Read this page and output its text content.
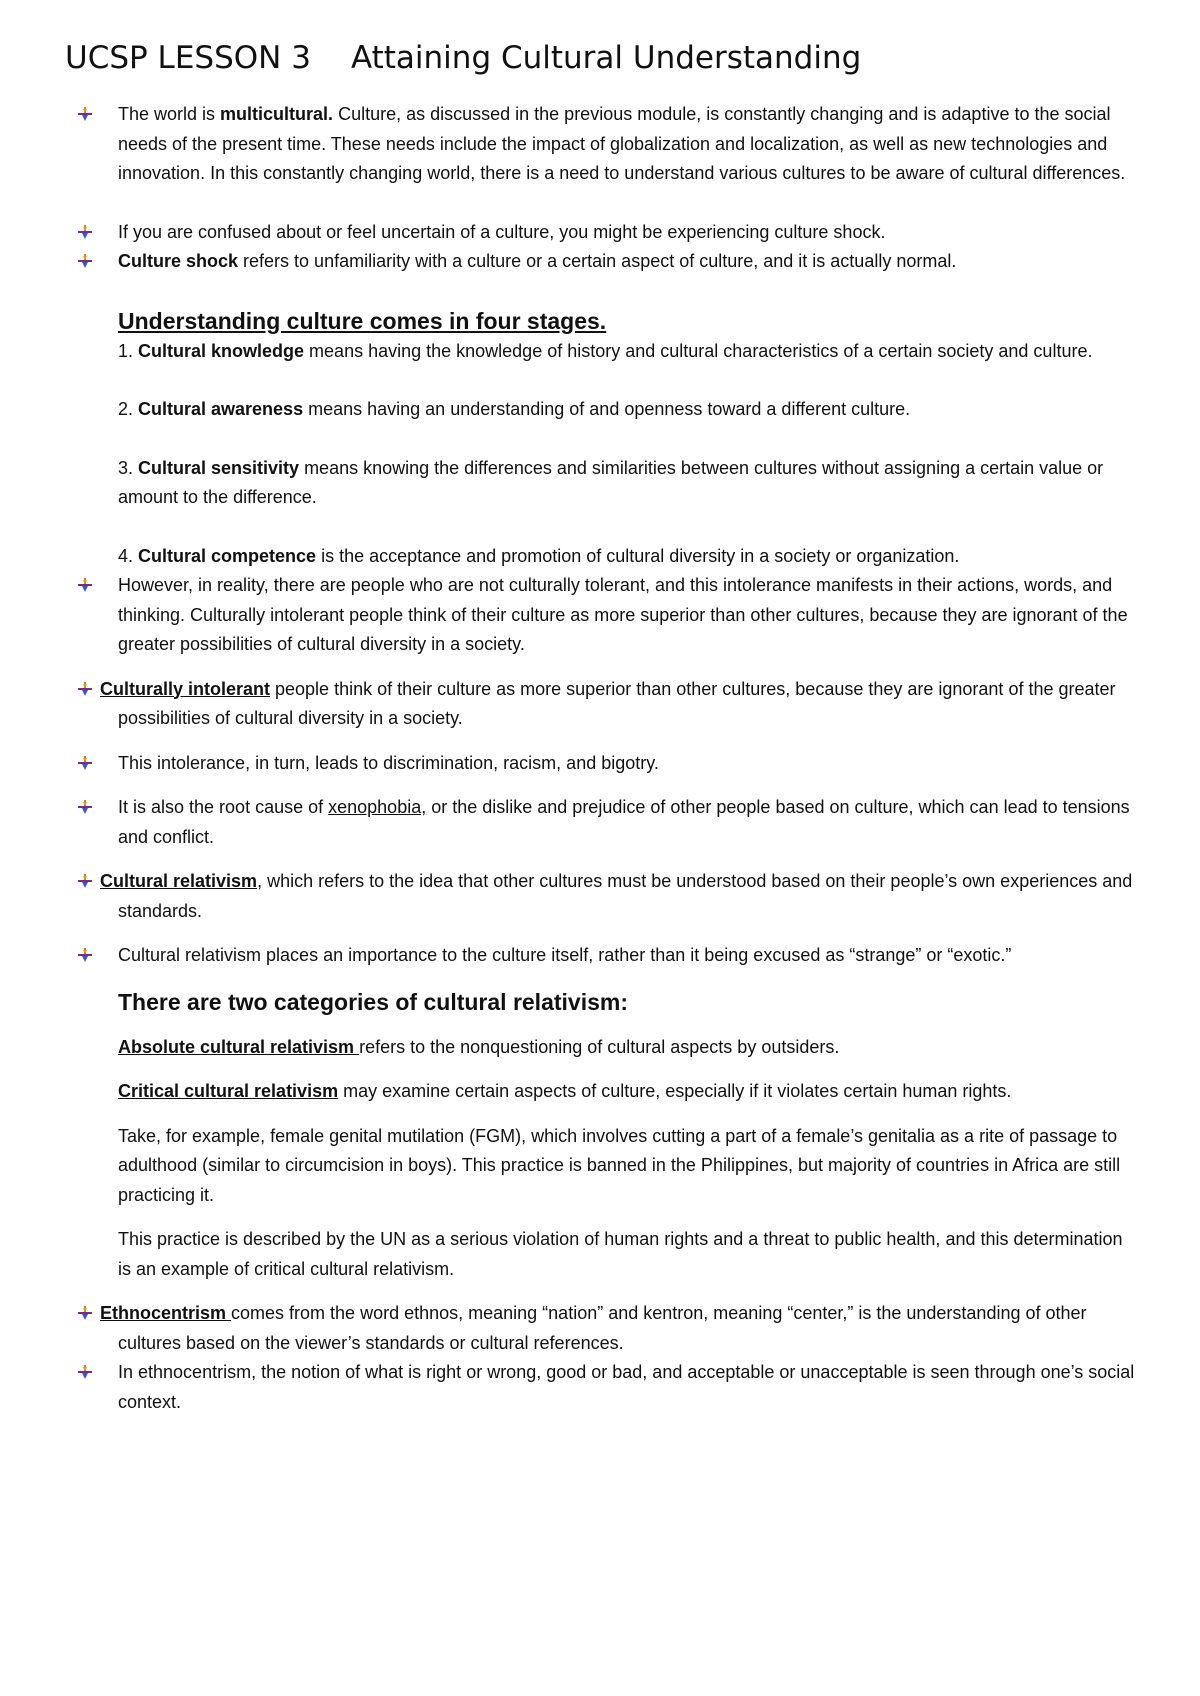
UCSP LESSON 3 Attaining Cultural Understanding
The world is multicultural. Culture, as discussed in the previous module, is constantly changing and is adaptive to the social needs of the present time. These needs include the impact of globalization and localization, as well as new technologies and innovation. In this constantly changing world, there is a need to understand various cultures to be aware of cultural differences.
If you are confused about or feel uncertain of a culture, you might be experiencing culture shock.
Culture shock refers to unfamiliarity with a culture or a certain aspect of culture, and it is actually normal.
Understanding culture comes in four stages.
1. Cultural knowledge means having the knowledge of history and cultural characteristics of a certain society and culture.
2. Cultural awareness means having an understanding of and openness toward a different culture.
3. Cultural sensitivity means knowing the differences and similarities between cultures without assigning a certain value or amount to the difference.
4. Cultural competence is the acceptance and promotion of cultural diversity in a society or organization.
However, in reality, there are people who are not culturally tolerant, and this intolerance manifests in their actions, words, and thinking. Culturally intolerant people think of their culture as more superior than other cultures, because they are ignorant of the greater possibilities of cultural diversity in a society.
Culturally intolerant people think of their culture as more superior than other cultures, because they are ignorant of the greater possibilities of cultural diversity in a society.
This intolerance, in turn, leads to discrimination, racism, and bigotry.
It is also the root cause of xenophobia, or the dislike and prejudice of other people based on culture, which can lead to tensions and conflict.
Cultural relativism, which refers to the idea that other cultures must be understood based on their people’s own experiences and standards.
Cultural relativism places an importance to the culture itself, rather than it being excused as “strange” or “exotic.”
There are two categories of cultural relativism:
Absolute cultural relativism refers to the nonquestioning of cultural aspects by outsiders.
Critical cultural relativism may examine certain aspects of culture, especially if it violates certain human rights.
Take, for example, female genital mutilation (FGM), which involves cutting a part of a female’s genitalia as a rite of passage to adulthood (similar to circumcision in boys). This practice is banned in the Philippines, but majority of countries in Africa are still practicing it.
This practice is described by the UN as a serious violation of human rights and a threat to public health, and this determination is an example of critical cultural relativism.
Ethnocentrism comes from the word ethnos, meaning “nation” and kentron, meaning “center,” is the understanding of other cultures based on the viewer’s standards or cultural references.
In ethnocentrism, the notion of what is right or wrong, good or bad, and acceptable or unacceptable is seen through one’s social context.
